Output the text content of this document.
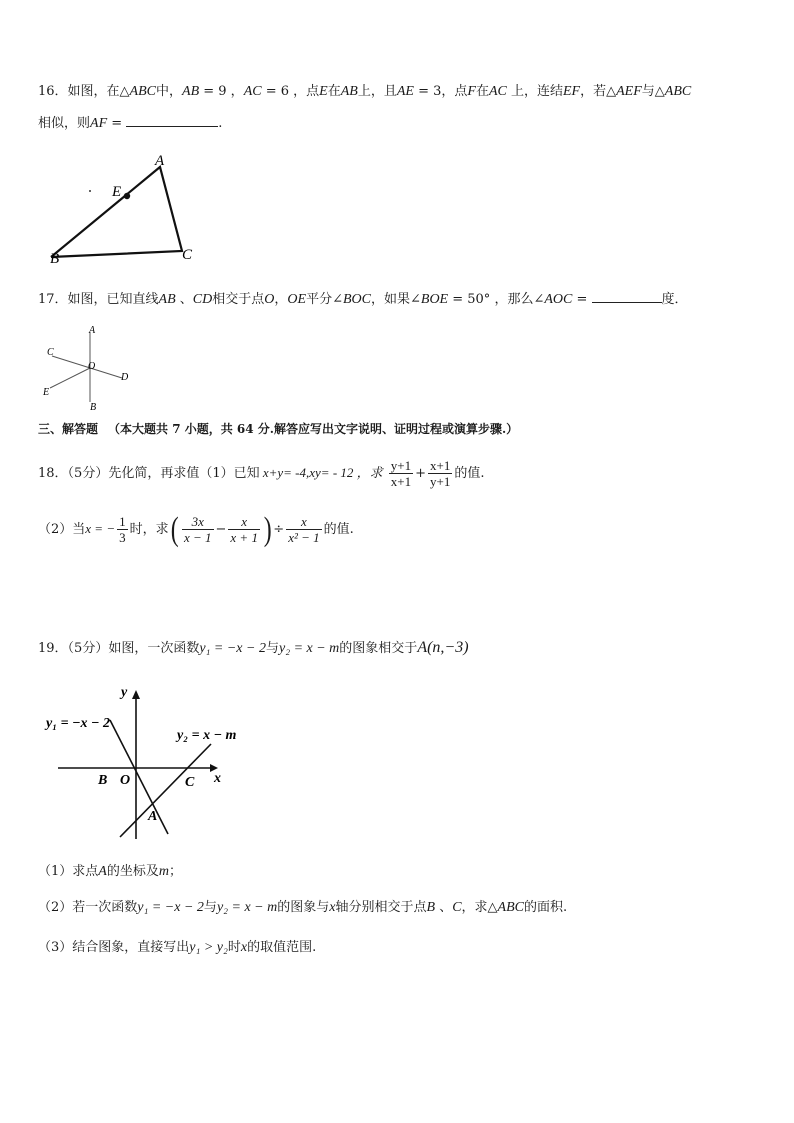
16．如图，在△ABC中，AB = 9 ，AC = 6 ，点E在AB上，且AE = 3，点F在AC 上，连结EF，若△AEF与△ABC
相似，则AF =	.
A
E
B	C
17．如图，已知直线AB 、CD相交于点O，OE平分∠BOC，如果∠BOE = 50° ，那么∠AOC =	度．
A
B
C
D
E
O
三、解答题 （本大题共 7 小题，共 64 分.解答应写出文字说明、证明过程或演算步骤.）
18．（5分）先化简，再求值（1）已知 x+y= -4,xy= - 12 ，求 $\frac{y+1}{x+1} + \frac{x+1}{y+1}$ 的值.
（2）当x = − $\frac{1}{3}$ 时，求( $\frac{3x}{x - 1} - \frac{x}{x + 1}$ ) ÷ $\frac{x}{\text{x² − 1}}$ 的值.
19．（5分）如图，一次函数y₁ = −x − 2与y₂ = x − m的图象相交于A(n,−3)
y
x
y₁ = −x − 2
y₂ = x − m
B O	C
A
（1）求点A的坐标及m；
（2）若一次函数y₁ = −x − 2与y₂ = x − m的图象与x轴分别相交于点B 、C，求△ABC的面积.
（3）结合图象，直接写出y₁ > y₂时x的取值范围.
